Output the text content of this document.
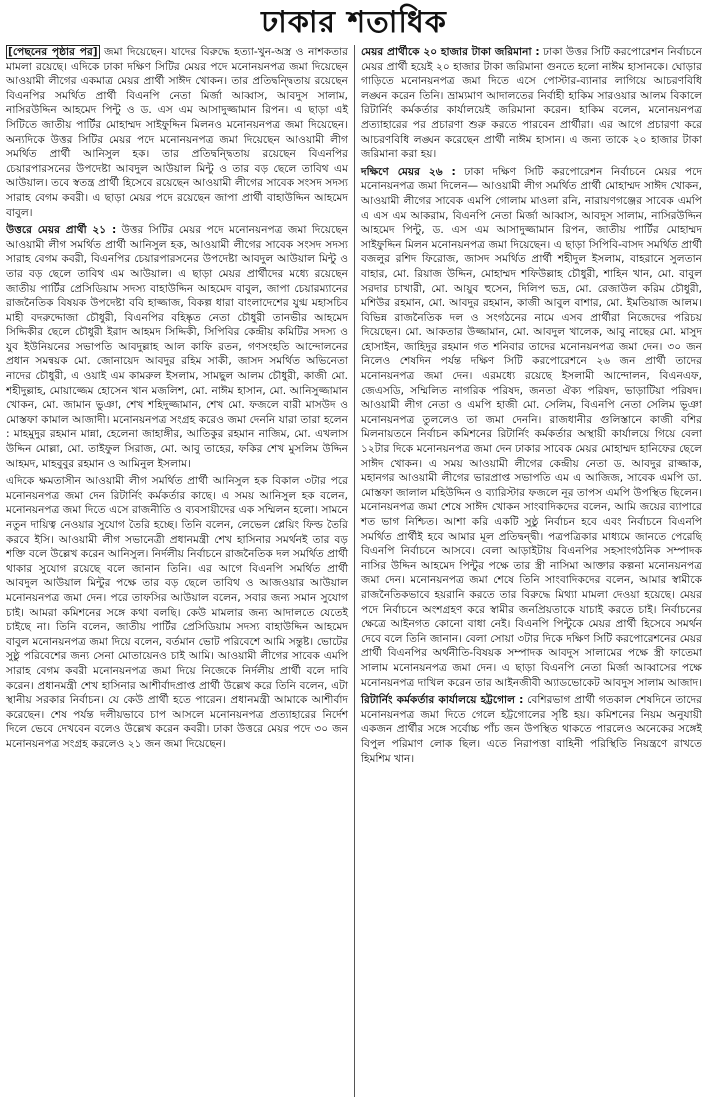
ঢাকার শতাধিক

[পেছনের পৃষ্ঠার পর] জমা দিয়েছেন। যাদের বিরুদ্ধে হত্যা-খুন-অস্ত্র ও নাশকতার মামলা রয়েছে। এদিকে ঢাকা দক্ষিণ সিটির মেয়র পদে মনোনয়নপত্র জমা দিয়েছেন আওয়ামী লীগের একমাত্র মেয়র প্রার্থী সাঈদ খোকন। তার প্রতিদ্বন্দ্বিতায় রয়েছেন বিএনপির সমর্থিত প্রার্থী বিএনপি নেতা মির্জা আব্বাস, আবদুস সালাম, নাসিরউদ্দিন আহমেদ পিন্টু ও ড. এস এম আসাদুজ্জামান রিপন। এ ছাড়া এই সিটিতে জাতীয় পার্টির মোহাম্মদ সাইফুদ্দিন মিলনও মনোনয়নপত্র জমা দিয়েছেন। অন্যদিকে উত্তর সিটির মেয়র পদে মনোনয়নপত্র জমা দিয়েছেন আওয়ামী লীগ সমর্থিত প্রার্থী আনিসুল হক। তার প্রতিদ্বন্দ্বিতায় রয়েছেন বিএনপির চেয়ারপারসনের উপদেষ্টা আবদুল আউয়াল মিন্টু ও তার বড় ছেলে তাবিথ এম আউয়াল। তবে স্বতন্ত্র প্রার্থী হিসেবে রয়েছেন আওয়ামী লীগের সাবেক সংসদ সদস্য সারাহ বেগম কবরী। এ ছাড়া মেয়র পদে রয়েছেন জাপা প্রার্থী বাহাউদ্দিন আহমেদ বাবুল।

উত্তরে মেয়র প্রার্থী ২১ : উত্তর সিটির মেয়র পদে মনোনয়নপত্র জমা দিয়েছেন আওয়ামী লীগ সমর্থিত প্রার্থী আনিসুল হক, আওয়ামী লীগের সাবেক সংসদ সদস্য সারাহ বেগম কবরী, বিএনপির চেয়ারপারসনের উপদেষ্টা আবদুল আউয়াল মিন্টু ও তার বড় ছেলে তাবিথ এম আউয়াল। এ ছাড়া মেয়র প্রার্থীদের মধ্যে রয়েছেন জাতীয় পার্টির প্রেসিডিয়াম সদস্য বাহাউদ্দিন আহমেদ বাবুল, জাপা চেয়ারম্যানের রাজনৈতিক বিষয়ক উপদেষ্টা ববি হাজ্জাজ, বিকল্প ধারা বাংলাদেশের যুগ্ম মহাসচিব মাহী বদরুদ্দোজা চৌধুরী, বিএনপির বহিষ্কৃত নেতা চৌধুরী তানভীর আহমেদ সিদ্দিকীর ছেলে চৌধুরী ইরাদ আহমদ সিদ্দিকী, সিপিবির কেন্দ্রীয় কমিটির সদস্য ও যুব ইউনিয়নের সভাপতি আবদুল্লাহ আল কাফি রতন, গণসংহতি আন্দোলনের প্রধান সমন্বয়ক মো. জোনায়েদ আবদুর রহিম সাকী, জাসদ সমর্থিত অভিনেতা নাদের চৌধুরী, এ ওয়াই এম কামরুল ইসলাম, সামছুল আলম চৌধুরী, কাজী মো. শহীদুল্লাহ, মোয়াজ্জেম হোসেন খান মজলিশ, মো. নাঈম হাসান, মো. আনিসুজ্জামান খোকন, মো. জামান ভুঞা, শেখ শহিদুজ্জামান, শেখ মো. ফজলে বারী মাসউদ ও মোস্তফা কামাল আজাদী। মনোনয়নপত্র সংগ্রহ করেও জমা দেননি যারা তারা হলেন : মাহমুদুর রহমান মান্না, হেলেনা জাহাঙ্গীর, আতিকুর রহমান নাজিম, মো. এখলাস উদ্দিন মোল্লা, মো. তাইফুল সিরাজ, মো. আবু তাহের, ফকির শেখ মুসলিম উদ্দিন আহমদ, মাহবুবুর রহমান ও আমিনুল ইসলাম।

এদিকে ক্ষমতাসীন আওয়ামী লীগ সমর্থিত প্রার্থী আনিসুল হক বিকাল ৩টার পরে মনোনয়নপত্র জমা দেন রিটার্নিং কর্মকর্তার কাছে। এ সময় আনিসুল হক বলেন, মনোনয়নপত্র জমা দিতে এসে রাজনীতি ও ব্যবসায়ীদের এক সম্মিলন হলো। সামনে নতুন দায়িত্ব নেওয়ার সুযোগ তৈরি হচ্ছে। তিনি বলেন, লেভেল প্লেয়িং ফিল্ড তৈরি করবে ইসি। আওয়ামী লীগ সভানেত্রী প্রধানমন্ত্রী শেখ হাসিনার সমর্থনই তার বড় শক্তি বলে উল্লেখ করেন আনিসুল। নির্দলীয় নির্বাচনে রাজনৈতিক দল সমর্থিত প্রার্থী থাকার সুযোগ রয়েছে বলে জানান তিনি। এর আগে বিএনপি সমর্থিত প্রার্থী আবদুল আউয়াল মিন্টুর পক্ষে তার বড় ছেলে তাবিথ ও আজওয়ার আউয়াল মনোনয়নপত্র জমা দেন। পরে তাফসির আউয়াল বলেন, সবার জন্য সমান সুযোগ চাই। আমরা কমিশনের সঙ্গে কথা বলছি। কেউ মামলার জন্য আদালতে যেতেই চাইছে না। তিনি বলেন, জাতীয় পার্টির প্রেসিডিয়াম সদস্য বাহাউদ্দিন আহমেদ বাবুল মনোনয়নপত্র জমা দিয়ে বলেন, বর্তমান ভোট পরিবেশে আমি সন্তুষ্ট। ভোটের সুষ্ঠু পরিবেশের জন্য সেনা মোতায়েনও চাই আমি। আওয়ামী লীগের সাবেক এমপি সারাহ বেগম কবরী মনোনয়নপত্র জমা দিয়ে নিজেকে নির্দলীয় প্রার্থী বলে দাবি করেন। প্রধানমন্ত্রী শেখ হাসিনার আশীর্বাদপ্রাপ্ত প্রার্থী উল্লেখ করে তিনি বলেন, এটা স্থানীয় সরকার নির্বাচন। যে কেউ প্রার্থী হতে পারেন। প্রধানমন্ত্রী আমাকে আশীর্বাদ করেছেন। শেষ পর্যন্ত দলীয়ভাবে চাপ আসলে মনোনয়নপত্র প্রত্যাহারের নির্দেশ দিলে ভেবে দেখবেন বলেও উল্লেখ করেন কবরী। ঢাকা উত্তরে মেয়র পদে ৩০ জন মনোনয়নপত্র সংগ্রহ করলেও ২১ জন জমা দিয়েছেন।

মেয়র প্রার্থীকে ২০ হাজার টাকা জরিমানা : ঢাকা উত্তর সিটি করপোরেশন নির্বাচনে মেয়র প্রার্থী হয়েই ২০ হাজার টাকা জরিমানা গুনতে হলো নাঈম হাসানকে। ঘোড়ার গাড়িতে মনোনয়নপত্র জমা দিতে এসে পোস্টার-ব্যানার লাগিয়ে আচরণবিধি লঙ্ঘন করেন তিনি। ভ্রাম্যমাণ আদালতের নির্বাহী হাকিম সারওয়ার আলম বিকালে রিটার্নিং কর্মকর্তার কার্যালয়েই জরিমানা করেন। হাকিম বলেন, মনোনয়নপত্র প্রত্যাহারের পর প্রচারণা শুরু করতে পারবেন প্রার্থীরা। এর আগে প্রচারণা করে আচরণবিধি লঙ্ঘন করেছেন প্রার্থী নাঈম হাসান। এ জন্য তাকে ২০ হাজার টাকা জরিমানা করা হয়।

দক্ষিণে মেয়র ২৬ : ঢাকা দক্ষিণ সিটি করপোরেশন নির্বাচনে মেয়র পদে মনোনয়নপত্র জমা দিলেন— আওয়ামী লীগ সমর্থিত প্রার্থী মোহাম্মদ সাঈদ খোকন, আওয়ামী লীগের সাবেক এমপি গোলাম মাওলা রনি, নারায়ণগঞ্জের সাবেক এমপি এ এস এম আকরাম, বিএনপি নেতা মির্জা আব্বাস, আবদুস সালাম, নাসিরউদ্দিন আহমেদ পিন্টু, ড. এস এম আসাদুজ্জামান রিপন, জাতীয় পার্টির মোহাম্মদ সাইফুদ্দিন মিলন মনোনয়নপত্র জমা দিয়েছেন। এ ছাড়া সিপিবি-বাসদ সমর্থিত প্রার্থী বজলুর রশিদ ফিরোজ, জাসদ সমর্থিত প্রার্থী শহীদুল ইসলাম, বাহরানে সুলতান বাহার, মো. রিয়াজ উদ্দিন, মোহাম্মদ শফিউল্লাহ চৌধুরী, শাহিন খান, মো. বাবুল সরদার চাখারী, মো. আয়ুব হুসেন, দিলিপ ভদ্র, মো. রেজাউল করিম চৌধুরী, মশিউর রহমান, মো. আবদুর রহমান, কাজী আবুল বাশার, মো. ইমতিয়াজ আলম। বিভিন্ন রাজনৈতিক দল ও সংগঠনের নামে এসব প্রার্থীরা নিজেদের পরিচয় দিয়েছেন। মো. আকতার উজ্জামান, মো. আবদুল খালেক, আবু নাছের মো. মাসুদ হোসাইন, জাহিদুর রহমান গত শনিবার তাদের মনোনয়নপত্র জমা দেন। ৩০ জন নিলেও শেষদিন পর্যন্ত দক্ষিণ সিটি করপোরেশনে ২৬ জন প্রার্থী তাদের মনোনয়নপত্র জমা দেন। এরমধ্যে রয়েছে ইসলামী আন্দোলন, বিএনএফ, জেএসডি, সম্মিলিত নাগরিক পরিষদ, জনতা ঐক্য পরিষদ, ভাড়াটিয়া পরিষদ। আওয়ামী লীগ নেতা ও এমপি হাজী মো. সেলিম, বিএনপি নেতা সেলিম ভূঞা মনোনয়নপত্র তুললেও তা জমা দেননি। রাজধানীর গুলিস্তানে কাজী বশির মিলনায়তনে নির্বাচন কমিশনের রিটার্নিং কর্মকর্তার অস্থায়ী কার্যালয়ে গিয়ে বেলা ১২টার দিকে মনোনয়নপত্র জমা দেন ঢাকার সাবেক মেয়র মোহাম্মদ হানিফের ছেলে সাঈদ খোকন। এ সময় আওয়ামী লীগের কেন্দ্রীয় নেতা ড. আবদুর রাজ্জাক, মহানগর আওয়ামী লীগের ভারপ্রাপ্ত সভাপতি এম এ আজিজ, সাবেক এমপি ডা. মোস্তফা জালাল মহিউদ্দিন ও ব্যারিস্টার ফজলে নূর তাপস এমপি উপস্থিত ছিলেন। মনোনয়নপত্র জমা শেষে সাঈদ খোকন সাংবাদিকদের বলেন, আমি জয়ের ব্যাপারে শত ভাগ নিশ্চিত। আশা করি একটি সুষ্ঠু নির্বাচন হবে এবং নির্বাচনে বিএনপি সমর্থিত প্রার্থীই হবে আমার মূল প্রতিদ্বন্দ্বী। পত্রপত্রিকার মাধ্যমে জানতে পেরেছি বিএনপি নির্বাচনে আসবে। বেলা আড়াইটায় বিএনপির সহসাংগঠনিক সম্পাদক নাসির উদ্দিন আহমেদ পিন্টুর পক্ষে তার স্ত্রী নাসিমা আক্তার কল্পনা মনোনয়নপত্র জমা দেন। মনোনয়নপত্র জমা শেষে তিনি সাংবাদিকদের বলেন, আমার স্বামীকে রাজনৈতিকভাবে হয়রানি করতে তার বিরুদ্ধে মিথ্যা মামলা দেওয়া হয়েছে। মেয়র পদে নির্বাচনে অংশগ্রহণ করে স্বামীর জনপ্রিয়তাকে যাচাই করতে চাই। নির্বাচনের ক্ষেত্রে আইনগত কোনো বাধা নেই। বিএনপি পিন্টুকে মেয়র প্রার্থী হিসেবে সমর্থন দেবে বলে তিনি জানান। বেলা সোয়া ৩টার দিকে দক্ষিণ সিটি করপোরেশনের মেয়র প্রার্থী বিএনপির অর্থনীতি-বিষয়ক সম্পাদক আবদুস সালামের পক্ষে স্ত্রী ফাতেমা সালাম মনোনয়নপত্র জমা দেন। এ ছাড়া বিএনপি নেতা মির্জা আব্বাসের পক্ষে মনোনয়নপত্র দাখিল করেন তার আইনজীবী অ্যাডভোকেট আবদুস সালাম আজাদ।

রিটার্নিং কর্মকর্তার কার্যালয়ে হট্টগোল : বেশিরভাগ প্রার্থী গতকাল শেষদিনে তাদের মনোনয়নপত্র জমা দিতে গেলে হট্টগোলের সৃষ্টি হয়। কমিশনের নিয়ম অনুযায়ী একজন প্রার্থীর সঙ্গে সর্বোচ্চ পাঁচ জন উপস্থিত থাকতে পারলেও অনেকের সঙ্গেই বিপুল পরিমাণ লোক ছিল। এতে নিরাপত্তা বাহিনী পরিস্থিতি নিয়ন্ত্রণে রাখতে হিমশিম খান।
